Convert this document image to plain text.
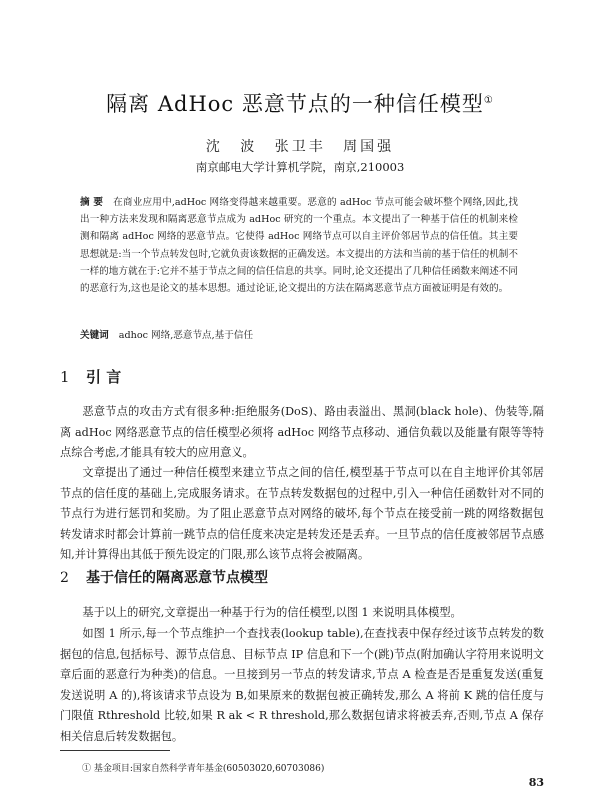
隔离 AdHoc 恶意节点的一种信任模型①
沈 波 张卫丰 周国强
南京邮电大学计算机学院，南京,210003
摘 要 在商业应用中,adHoc 网络变得越来越重要。恶意的 adHoc 节点可能会破坏整个网络,因此,找出一种方法来发现和隔离恶意节点成为 adHoc 研究的一个重点。本文提出了一种基于信任的机制来检测和隔离 adHoc 网络的恶意节点。它使得 adHoc 网络节点可以自主评价邻居节点的信任值。其主要思想就是:当一个节点转发包时,它就负责该数据的正确发送。本文提出的方法和当前的基于信任的机制不一样的地方就在于:它并不基于节点之间的信任信息的共享。同时,论文还提出了几种信任函数来阐述不同的恶意行为,这也是论文的基本思想。通过论证,论文提出的方法在隔离恶意节点方面被证明是有效的。
关键词 adhoc 网络,恶意节点,基于信任
1 引 言
恶意节点的攻击方式有很多种:拒绝服务(DoS)、路由表溢出、黑洞(black hole)、伪装等,隔离 adHoc 网络恶意节点的信任模型必须将 adHoc 网络节点移动、通信负载以及能量有限等等特点综合考虑,才能具有较大的应用意义。
文章提出了通过一种信任模型来建立节点之间的信任,模型基于节点可以在自主地评价其邻居节点的信任度的基础上,完成服务请求。在节点转发数据包的过程中,引入一种信任函数针对不同的节点行为进行惩罚和奖励。为了阻止恶意节点对网络的破坏,每个节点在接受前一跳的网络数据包转发请求时都会计算前一跳节点的信任度来决定是转发还是丢弃。一旦节点的信任度被邻居节点感知,并计算得出其低于预先设定的门限,那么该节点将会被隔离。
2 基于信任的隔离恶意节点模型
基于以上的研究,文章提出一种基于行为的信任模型,以图 1 来说明具体模型。
如图 1 所示,每一个节点维护一个查找表(lookup table),在查找表中保存经过该节点转发的数据包的信息,包括标号、源节点信息、目标节点 IP 信息和下一个(跳)节点(附加确认字符用来说明文章后面的恶意行为种类)的信息。一旦接到另一节点的转发请求,节点 A 检查是否是重复发送(重复发送说明 A 的),将该请求节点设为 B,如果原来的数据包被正确转发,那么 A 将前 K 跳的信任度与门限值 Rthreshold 比较,如果 R ak < R threshold,那么数据包请求将被丢弃,否则,节点 A 保存相关信息后转发数据包。
① 基金项目:国家自然科学青年基金(60503020,60703086)
83
